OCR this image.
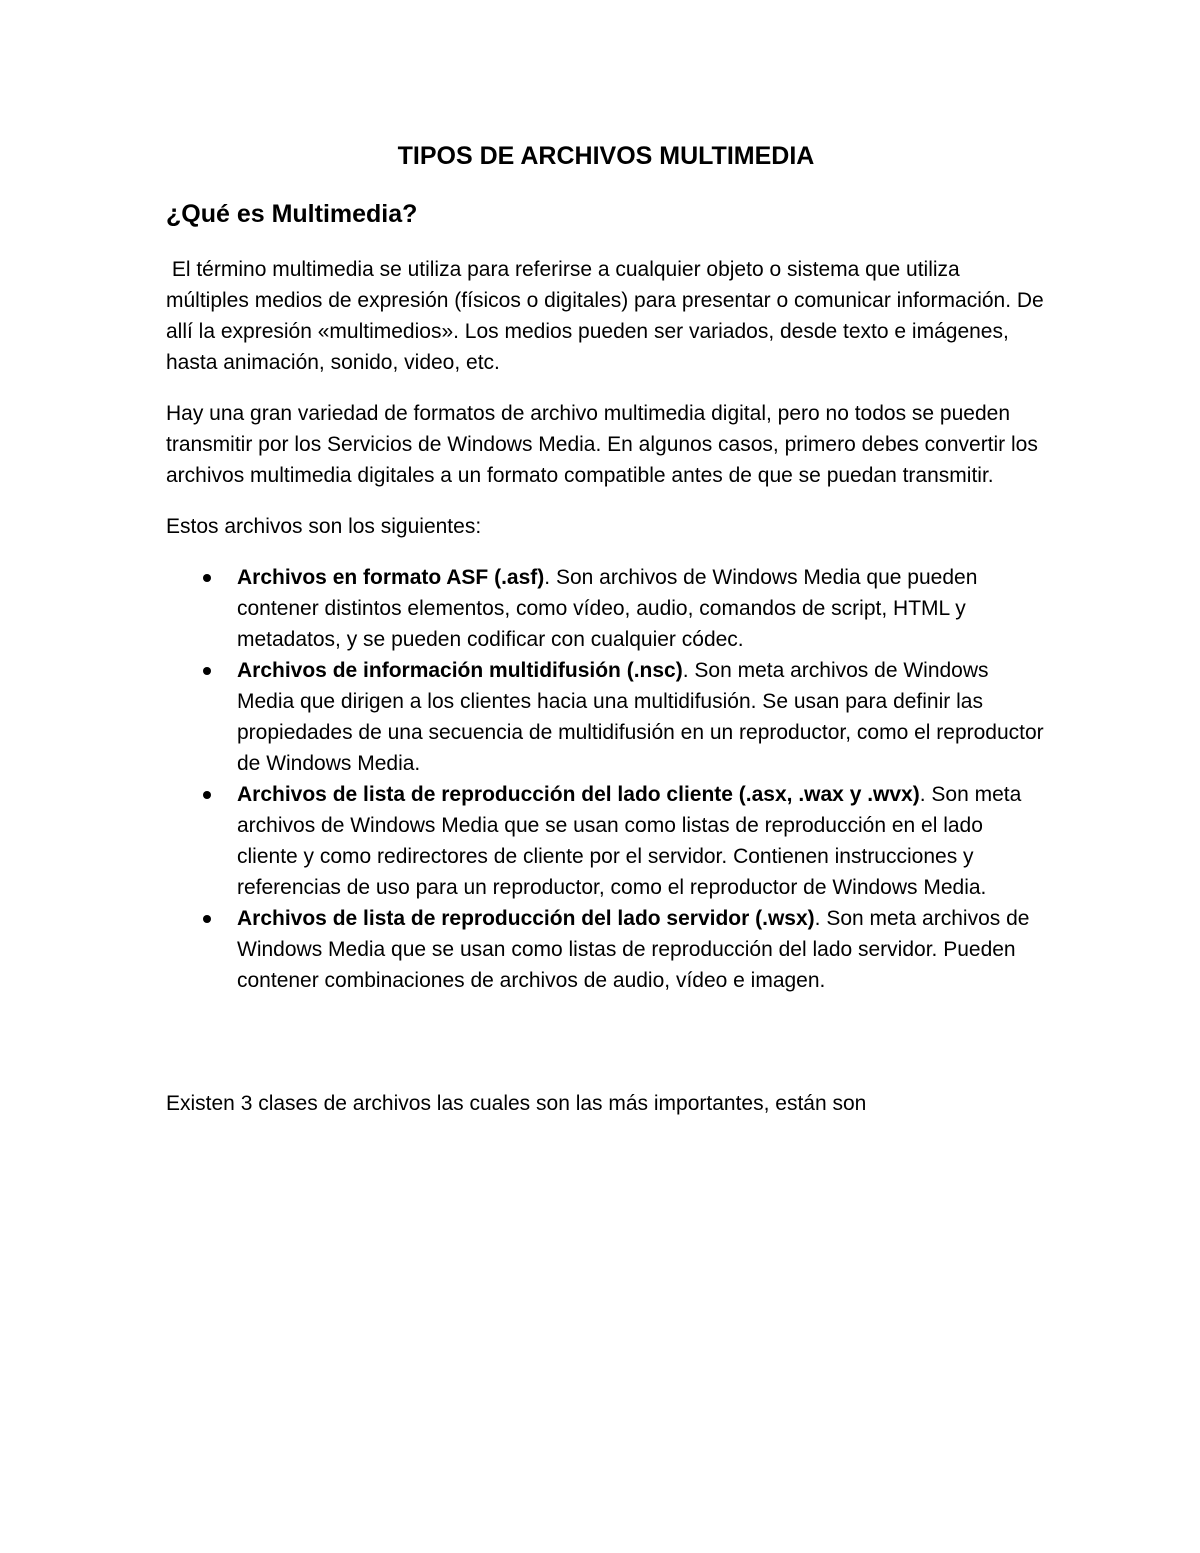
TIPOS DE ARCHIVOS MULTIMEDIA
¿Qué es Multimedia?

El término multimedia se utiliza para referirse a cualquier objeto o sistema que utiliza múltiples medios de expresión (físicos o digitales) para presentar o comunicar información. De allí la expresión «multimedios». Los medios pueden ser variados, desde texto e imágenes, hasta animación, sonido, video, etc.

Hay una gran variedad de formatos de archivo multimedia digital, pero no todos se pueden transmitir por los Servicios de Windows Media. En algunos casos, primero debes convertir los archivos multimedia digitales a un formato compatible antes de que se puedan transmitir.

Estos archivos son los siguientes:

Archivos en formato ASF (.asf). Son archivos de Windows Media que pueden contener distintos elementos, como vídeo, audio, comandos de script, HTML y metadatos, y se pueden codificar con cualquier códec.
Archivos de información multidifusión (.nsc). Son meta archivos de Windows Media que dirigen a los clientes hacia una multidifusión. Se usan para definir las propiedades de una secuencia de multidifusión en un reproductor, como el reproductor de Windows Media.
Archivos de lista de reproducción del lado cliente (.asx, .wax y .wvx). Son meta archivos de Windows Media que se usan como listas de reproducción en el lado cliente y como redirectores de cliente por el servidor. Contienen instrucciones y referencias de uso para un reproductor, como el reproductor de Windows Media.
Archivos de lista de reproducción del lado servidor (.wsx). Son meta archivos de Windows Media que se usan como listas de reproducción del lado servidor. Pueden contener combinaciones de archivos de audio, vídeo e imagen.

Existen 3 clases de archivos las cuales son las más importantes, están son
